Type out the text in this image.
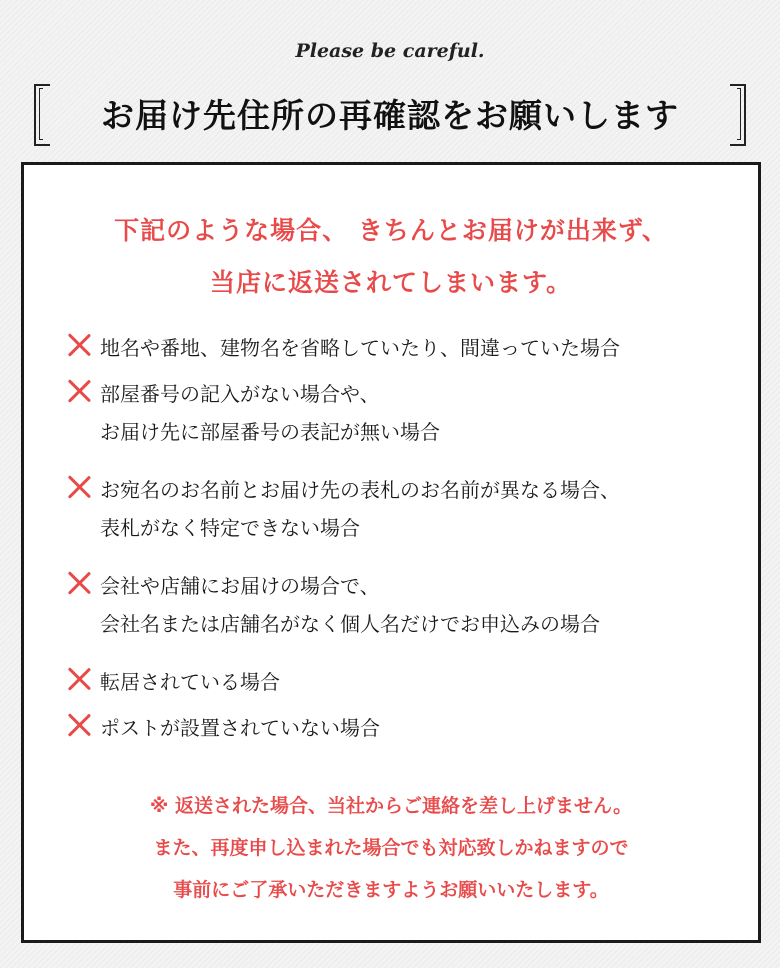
Please be careful.
お届け先住所の再確認をお願いします
下記のような場合、 きちんとお届けが出来ず、
当店に返送されてしまいます。
地名や番地、建物名を省略していたり、間違っていた場合
部屋番号の記入がない場合や、
お届け先に部屋番号の表記が無い場合
お宛名のお名前とお届け先の表札のお名前が異なる場合、
表札がなく特定できない場合
会社や店舗にお届けの場合で、
会社名または店舗名がなく個人名だけでお申込みの場合
転居されている場合
ポストが設置されていない場合
※ 返送された場合、当社からご連絡を差し上げません。
また、再度申し込まれた場合でも対応致しかねますので
事前にご了承いただきますようお願いいたします。
